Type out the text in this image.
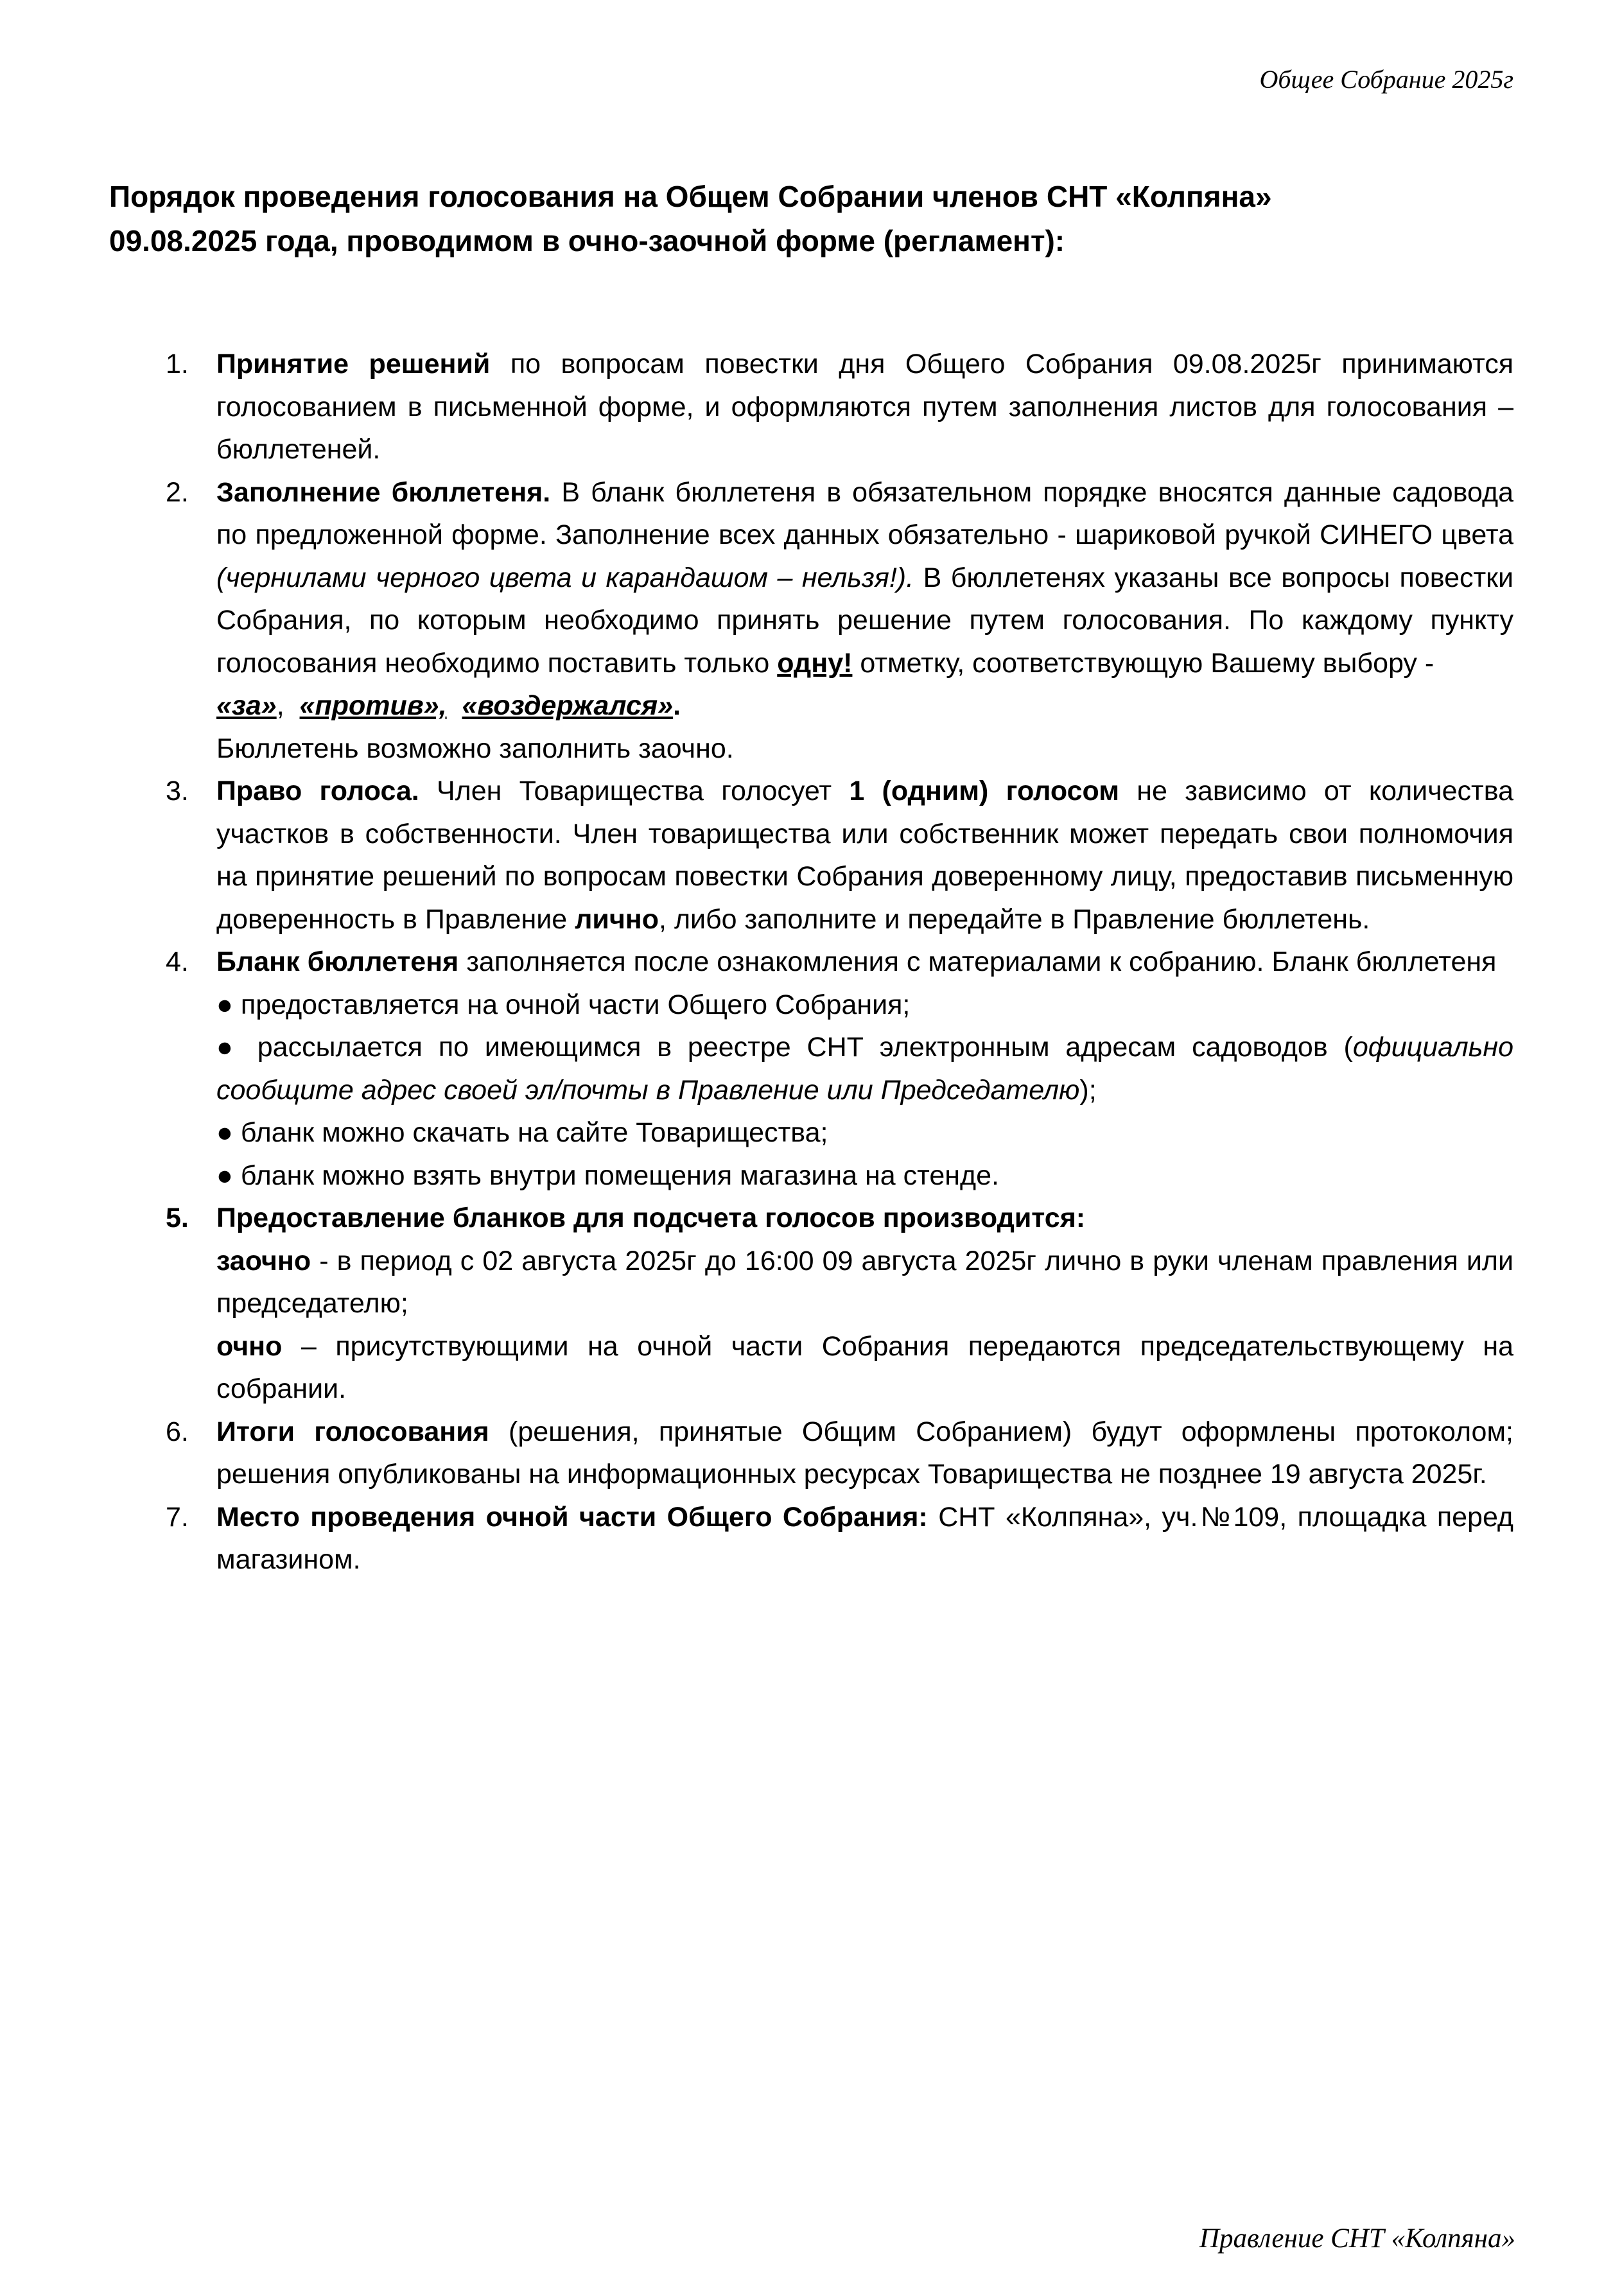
Общее Собрание 2025г
Порядок проведения голосования на Общем Собрании членов СНТ «Колпяна»
09.08.2025 года, проводимом в очно-заочной форме (регламент):
1. Принятие решений по вопросам повестки дня Общего Собрания 09.08.2025г принимаются голосованием в письменной форме, и оформляются путем заполнения листов для голосования – бюллетеней.
2. Заполнение бюллетеня. В бланк бюллетеня в обязательном порядке вносятся данные садовода по предложенной форме. Заполнение всех данных обязательно - шариковой ручкой СИНЕГО цвета (чернилами черного цвета и карандашом – нельзя!). В бюллетенях указаны все вопросы повестки Собрания, по которым необходимо принять решение путем голосования. По каждому пункту голосования необходимо поставить только одну! отметку, соответствующую Вашему выбору -
«за», «против», «воздержался».
Бюллетень возможно заполнить заочно.
3. Право голоса. Член Товарищества голосует 1 (одним) голосом не зависимо от количества участков в собственности. Член товарищества или собственник может передать свои полномочия на принятие решений по вопросам повестки Собрания доверенному лицу, предоставив письменную доверенность в Правление лично, либо заполните и передайте в Правление бюллетень.
4. Бланк бюллетеня заполняется после ознакомления с материалами к собранию. Бланк бюллетеня
● предоставляется на очной части Общего Собрания;
● рассылается по имеющимся в реестре СНТ электронным адресам садоводов (официально сообщите адрес своей эл/почты в Правление или Председателю);
● бланк можно скачать на сайте Товарищества;
● бланк можно взять внутри помещения магазина на стенде.
5. Предоставление бланков для подсчета голосов производится:
заочно - в период с 02 августа 2025г до 16:00 09 августа 2025г лично в руки членам правления или председателю;
очно – присутствующими на очной части Собрания передаются председательствующему на собрании.
6. Итоги голосования (решения, принятые Общим Собранием) будут оформлены протоколом; решения опубликованы на информационных ресурсах Товарищества не позднее 19 августа 2025г.
7. Место проведения очной части Общего Собрания: СНТ «Колпяна», уч.№109, площадка перед магазином.
Правление СНТ «Колпяна»
